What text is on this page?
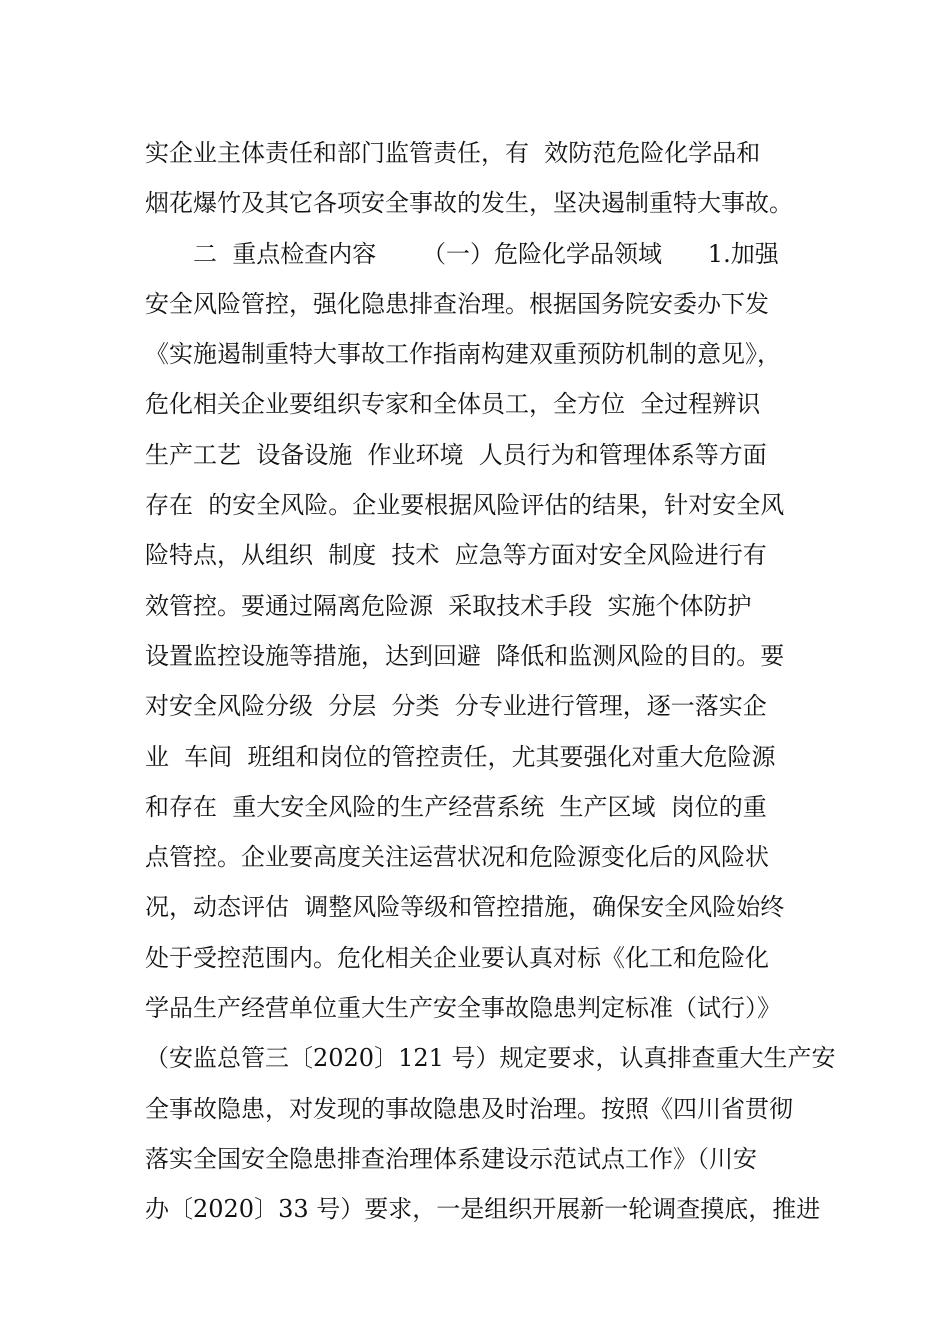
实企业主体责任和部门监管责任，有  效防范危险化学品和
烟花爆竹及其它各项安全事故的发生，坚决遏制重特大事故。
二  重点检查内容      （一）危险化学品领域      1.加强
安全风险管控，强化隐患排查治理。根据国务院安委办下发
《实施遏制重特大事故工作指南构建双重预防机制的意见》，
危化相关企业要组织专家和全体员工，全方位  全过程辨识
生产工艺  设备设施  作业环境  人员行为和管理体系等方面
存在  的安全风险。企业要根据风险评估的结果，针对安全风
险特点，从组织  制度  技术  应急等方面对安全风险进行有
效管控。要通过隔离危险源  采取技术手段  实施个体防护
设置监控设施等措施，达到回避  降低和监测风险的目的。要
对安全风险分级  分层  分类  分专业进行管理，逐一落实企
业  车间  班组和岗位的管控责任，尤其要强化对重大危险源
和存在  重大安全风险的生产经营系统  生产区域  岗位的重
点管控。企业要高度关注运营状况和危险源变化后的风险状
况，动态评估  调整风险等级和管控措施，确保安全风险始终
处于受控范围内。危化相关企业要认真对标《化工和危险化
学品生产经营单位重大生产安全事故隐患判定标准（试行）》
（安监总管三〔2020〕121 号）规定要求，认真排查重大生产安
全事故隐患，对发现的事故隐患及时治理。按照《四川省贯彻
落实全国安全隐患排查治理体系建设示范试点工作》（川安
办〔2020〕33 号）要求，一是组织开展新一轮调查摸底，推进
